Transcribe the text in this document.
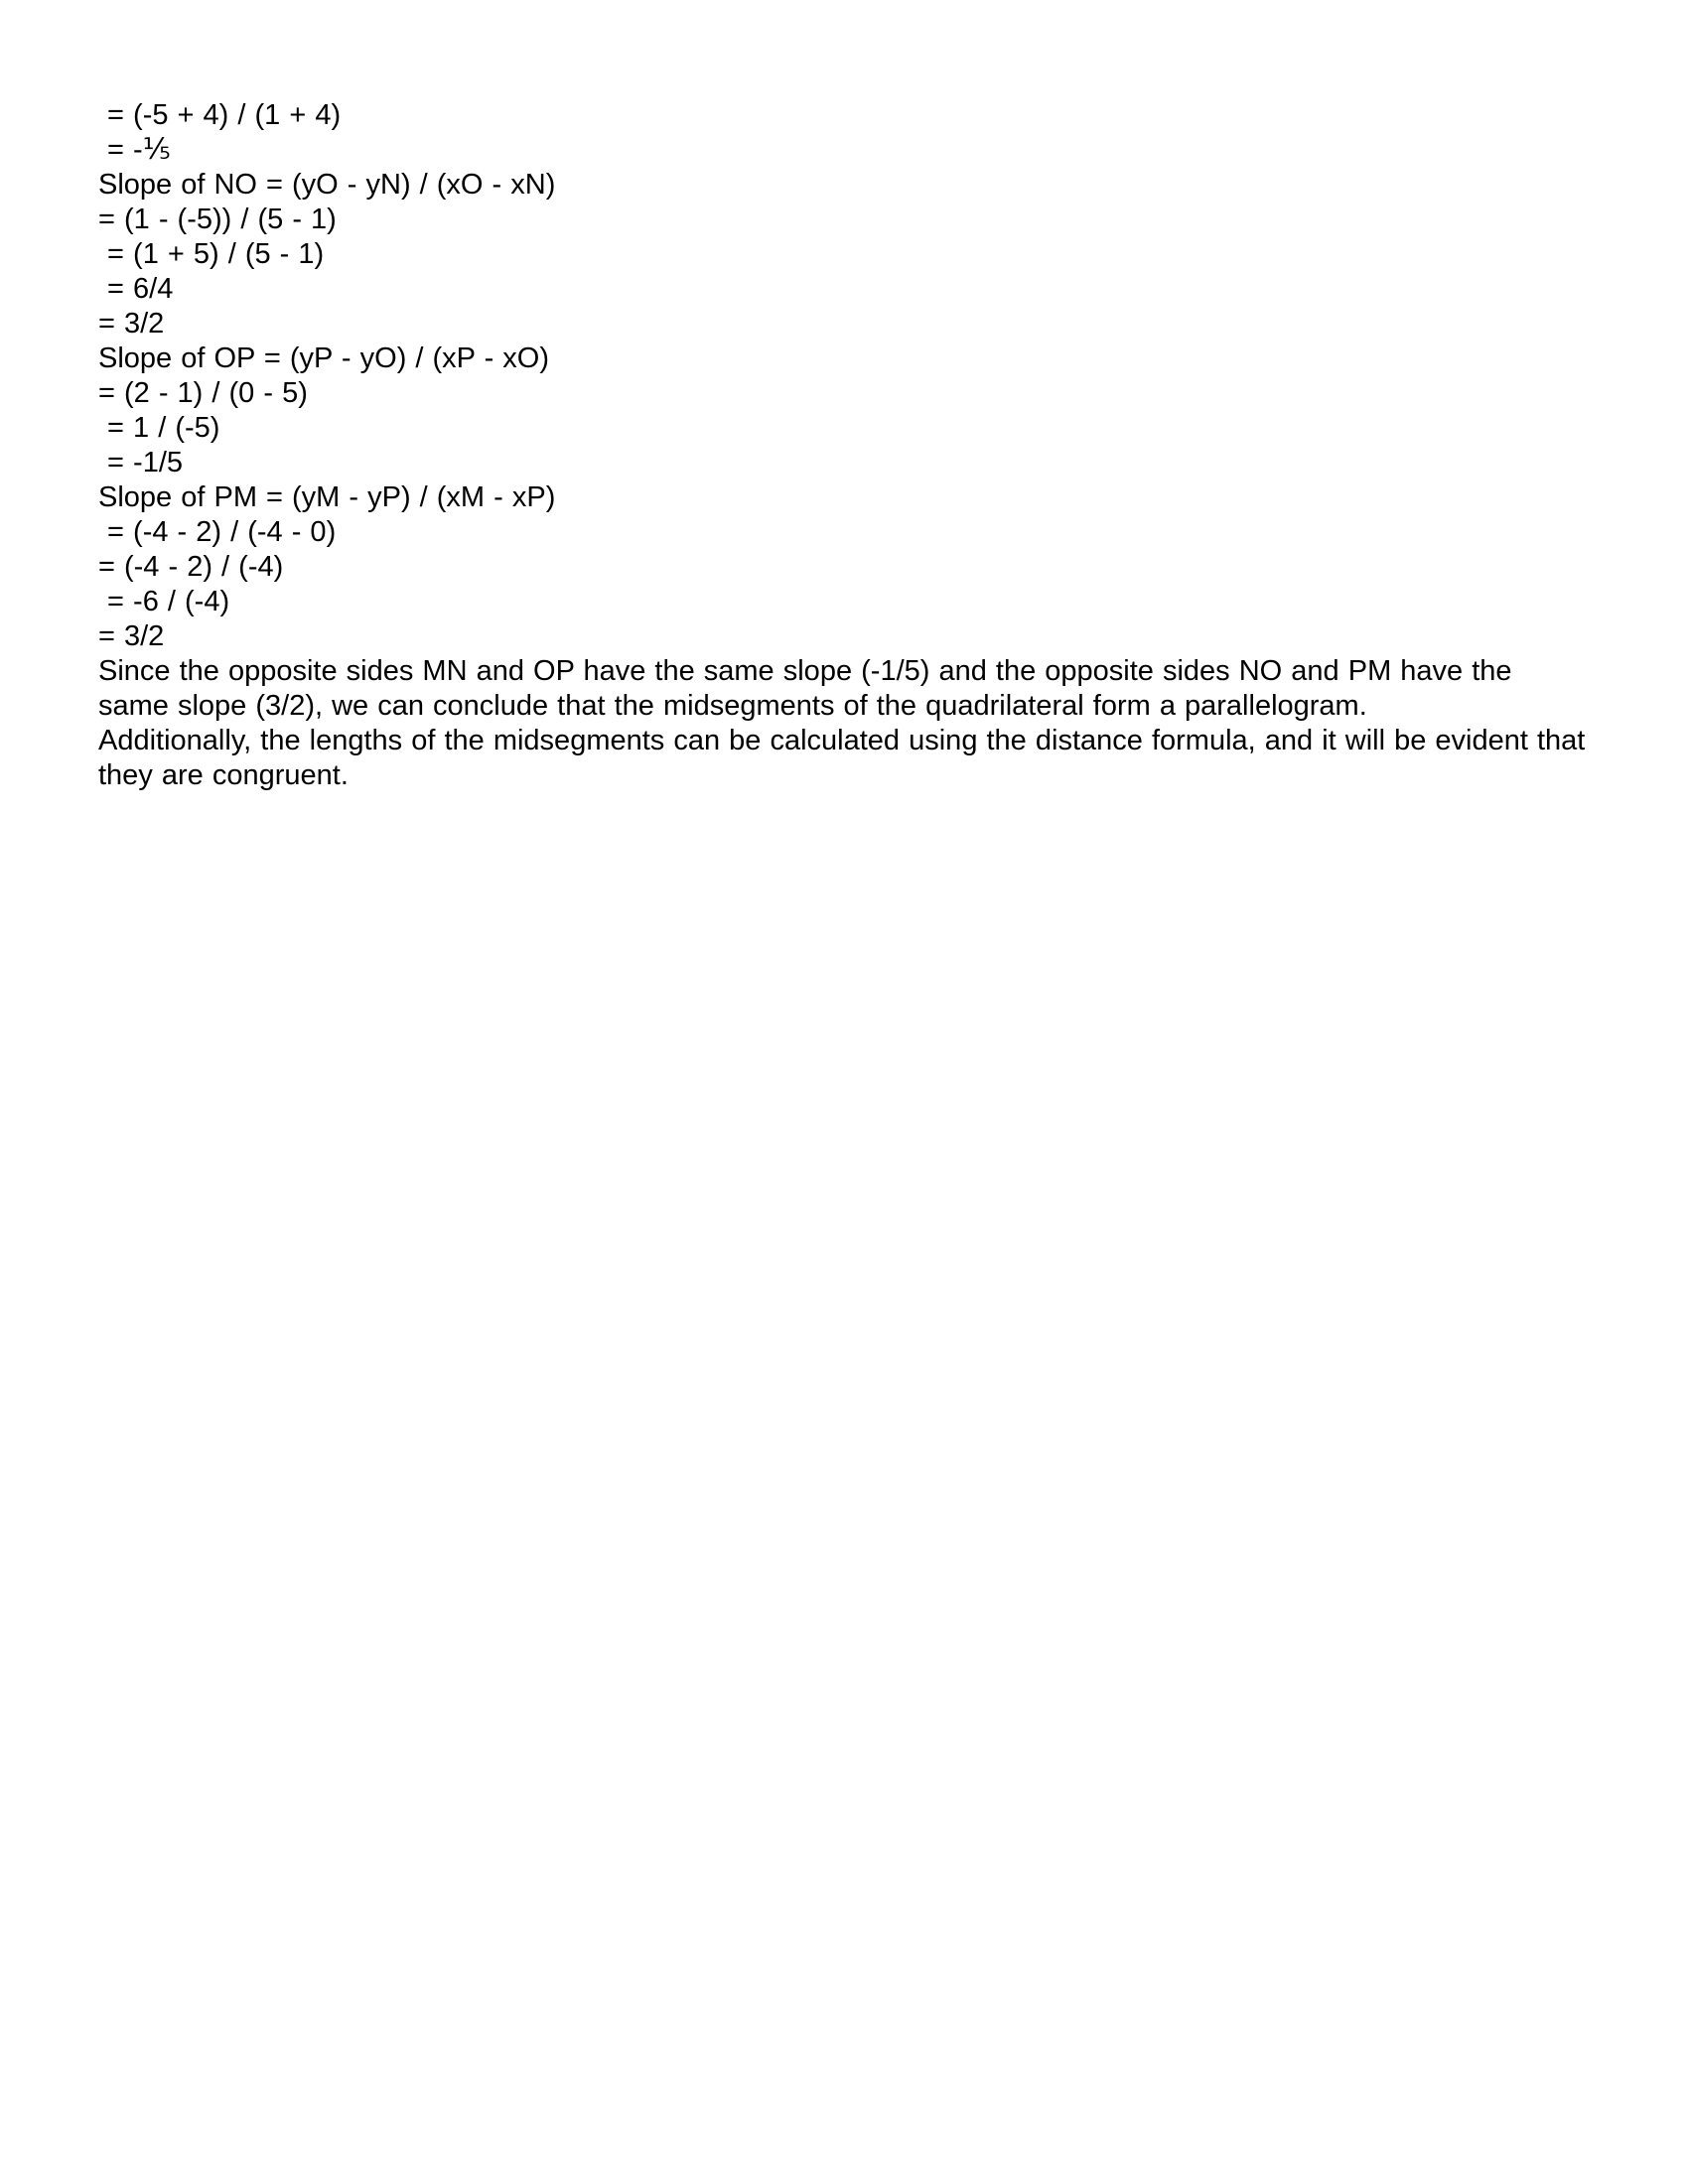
= (-5 + 4) / (1 + 4)
= -⅕
Slope of NO = (yO - yN) / (xO - xN)
= (1 - (-5)) / (5 - 1)
= (1 + 5) / (5 - 1)
= 6/4
= 3/2
Slope of OP = (yP - yO) / (xP - xO)
= (2 - 1) / (0 - 5)
= 1 / (-5)
= -1/5
Slope of PM = (yM - yP) / (xM - xP)
= (-4 - 2) / (-4 - 0)
= (-4 - 2) / (-4)
= -6 / (-4)
= 3/2

Since the opposite sides MN and OP have the same slope (-1/5) and the opposite sides NO and PM have the same slope (3/2), we can conclude that the midsegments of the quadrilateral form a parallelogram.

Additionally, the lengths of the midsegments can be calculated using the distance formula, and it will be evident that they are congruent.
